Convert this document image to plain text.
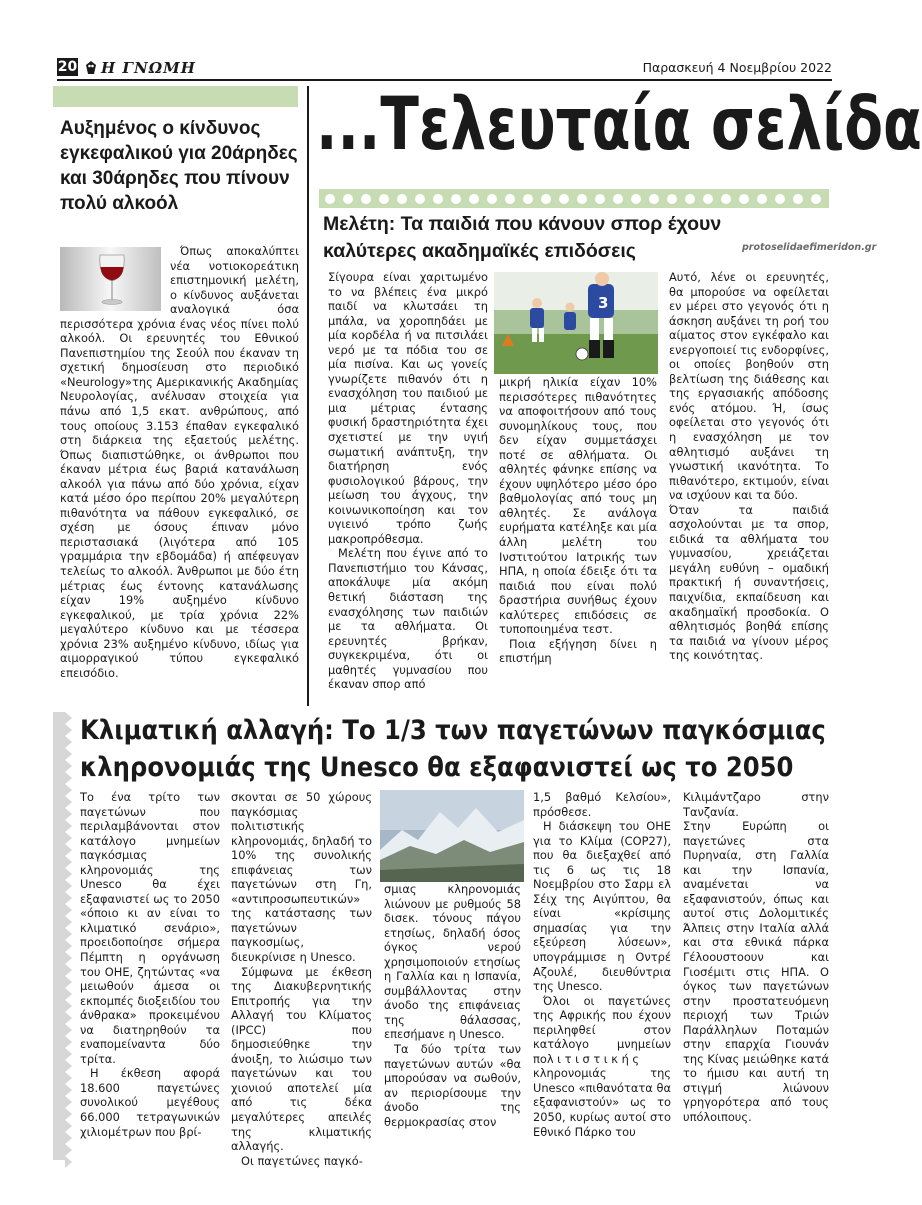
20	Η ΓΝΩΜΗ	Παρασκευή 4 Νοεμβρίου 2022
Αυξημένος ο κίνδυνος εγκεφαλικού για 20άρηδες και 30άρηδες που πίνουν πολύ αλκοόλ

Όπως αποκαλύπτει νέα νοτιοκορεάτικη επιστημονική μελέτη, ο κίνδυνος αυξάνεται αναλογικά όσα περισσότερα χρόνια ένας νέος πίνει πολύ αλκοόλ. Οι ερευνητές του Εθνικού Πανεπιστημίου της Σεούλ που έκαναν τη σχετική δημοσίευση στο περιοδικό «Neurology»της Αμερικανικής Ακαδημίας Νευρολογίας, ανέλυσαν στοιχεία για πάνω από 1,5 εκατ. ανθρώπους, από τους οποίους 3.153 έπαθαν εγκεφαλικό στη διάρκεια της εξαετούς μελέτης. Όπως διαπιστώθηκε, οι άνθρωποι που έκαναν μέτρια έως βαριά κατανάλωση αλκοόλ για πάνω από δύο χρόνια, είχαν κατά μέσο όρο περίπου 20% μεγαλύτερη πιθανότητα να πάθουν εγκεφαλικό, σε σχέση με όσους έπιναν μόνο περιστασιακά (λιγότερα από 105 γραμμάρια την εβδομάδα) ή απέφευγαν τελείως το αλκοόλ. Άνθρωποι με δύο έτη μέτριας έως έντονης κατανάλωσης είχαν 19% αυξημένο κίνδυνο εγκεφαλικού, με τρία χρόνια 22% μεγαλύτερο κίνδυνο και με τέσσερα χρόνια 23% αυξημένο κίνδυνο, ιδίως για αιμορραγικού τύπου εγκεφαλικό επεισόδιο.

...Τελευταία σελίδα
Μελέτη: Τα παιδιά που κάνουν σπορ έχουν καλύτερες ακαδημαϊκές επιδόσεις	protoselidaefimeridon.gr

Σίγουρα είναι χαριτωμένο το να βλέπεις ένα μικρό παιδί να κλωτσάει τη μπάλα, να χοροπηδάει με μία κορδέλα ή να πιτσιλάει νερό με τα πόδια του σε μία πισίνα. Και ως γονείς γνωρίζετε πιθανόν ότι η ενασχόληση του παιδιού με μια μέτριας έντασης φυσική δραστηριότητα έχει σχετιστεί με την υγιή σωματική ανάπτυξη, την διατήρηση ενός φυσιολογικού βάρους, την μείωση του άγχους, την κοινωνικοποίηση και τον υγιεινό τρόπο ζωής μακροπρόθεσμα.

Μελέτη που έγινε από το Πανεπιστήμιο του Κάνσας, αποκάλυψε μία ακόμη θετική διάσταση της ενασχόλησης των παιδιών με τα αθλήματα. Οι ερευνητές βρήκαν, συγκεκριμένα, ότι οι μαθητές γυμνασίου που έκαναν σπορ από

3

μικρή ηλικία είχαν 10% περισσότερες πιθανότητες να αποφοιτήσουν από τους συνομηλίκους τους, που δεν είχαν συμμετάσχει ποτέ σε αθλήματα. Οι αθλητές φάνηκε επίσης να έχουν υψηλότερο μέσο όρο βαθμολογίας από τους μη αθλητές. Σε ανάλογα ευρήματα κατέληξε και μία άλλη μελέτη του Ινστιτούτου Ιατρικής των ΗΠΑ, η οποία έδειξε ότι τα παιδιά που είναι πολύ δραστήρια συνήθως έχουν καλύτερες επιδόσεις σε τυποποιημένα τεστ.

Ποια εξήγηση δίνει η επιστήμη

Αυτό, λένε οι ερευνητές, θα μπορούσε να οφείλεται εν μέρει στο γεγονός ότι η άσκηση αυξάνει τη ροή του αίματος στον εγκέφαλο και ενεργοποιεί τις ενδορφίνες, οι οποίες βοηθούν στη βελτίωση της διάθεσης και της εργασιακής απόδοσης ενός ατόμου. Ή, ίσως οφείλεται στο γεγονός ότι η ενασχόληση με τον αθλητισμό αυξάνει τη γνωστική ικανότητα. Το πιθανότερο, εκτιμούν, είναι να ισχύουν και τα δύο.

Όταν τα παιδιά ασχολούνται με τα σπορ, ειδικά τα αθλήματα του γυμνασίου, χρειάζεται μεγάλη ευθύνη – ομαδική πρακτική ή συναντήσεις, παιχνίδια, εκπαίδευση και ακαδημαϊκή προσδοκία. Ο αθλητισμός βοηθά επίσης τα παιδιά να γίνουν μέρος της κοινότητας.

Κλιματική αλλαγή: Το 1/3 των παγετώνων παγκόσμιας κληρονομιάς της Unesco θα εξαφανιστεί ως το 2050

Το ένα τρίτο των παγετώνων που περιλαμβάνονται στον κατάλογο μνημείων παγκόσμιας κληρονομιάς της Unesco θα έχει εξαφανιστεί ως το 2050 «όποιο κι αν είναι το κλιματικό σενάριο», προειδοποίησε σήμερα Πέμπτη η οργάνωση του ΟΗΕ, ζητώντας «να μειωθούν άμεσα οι εκπομπές διοξειδίου του άνθρακα» προκειμένου να διατηρηθούν τα εναπομείναντα δύο τρίτα.

Η έκθεση αφορά 18.600 παγετώνες συνολικού μεγέθους 66.000 τετραγωνικών χιλιομέτρων που βρί-

σκονται σε 50 χώρους παγκόσμιας πολιτιστικής κληρονομιάς, δηλαδή το 10% της συνολικής επιφάνειας των παγετώνων στη Γη, «αντιπροσωπευτικών» της κατάστασης των παγετώνων παγκοσμίως, διευκρίνισε η Unesco.

Σύμφωνα με έκθεση της Διακυβερνητικής Επιτροπής για την Αλλαγή του Κλίματος (IPCC) που δημοσιεύθηκε την άνοιξη, το λιώσιμο των παγετώνων και του χιονιού αποτελεί μία από τις δέκα μεγαλύτερες απειλές της κλιματικής αλλαγής.

Οι παγετώνες παγκό-

σμιας κληρονομιάς λιώνουν με ρυθμούς 58 δισεκ. τόνους πάγου ετησίως, δηλαδή όσος όγκος νερού χρησιμοποιούν ετησίως η Γαλλία και η Ισπανία, συμβάλλοντας στην άνοδο της επιφάνειας της θάλασσας, επεσήμανε η Unesco.

Τα δύο τρίτα των παγετώνων αυτών «θα μπορούσαν να σωθούν, αν περιορίσουμε την άνοδο της θερμοκρασίας στον

1,5 βαθμό Κελσίου», πρόσθεσε.

Η διάσκεψη του ΟΗΕ για το Κλίμα (COP27), που θα διεξαχθεί από τις 6 ως τις 18 Νοεμβρίου στο Σαρμ ελ Σέιχ της Αιγύπτου, θα είναι «κρίσιμης σημασίας για την εξεύρεση λύσεων», υπογράμμισε η Οντρέ Αζουλέ, διευθύντρια της Unesco.

Όλοι οι παγετώνες της Αφρικής που έχουν περιληφθεί στον κατάλογο μνημείων πολιτιστικής κληρονομιάς της Unesco «πιθανότατα θα εξαφανιστούν» ως το 2050, κυρίως αυτοί στο Εθνικό Πάρκο του

Κιλιμάντζαρο στην Τανζανία.

Στην Ευρώπη οι παγετώνες στα Πυρηναία, στη Γαλλία και την Ισπανία, αναμένεται να εξαφανιστούν, όπως και αυτοί στις Δολομιτικές Άλπεις στην Ιταλία αλλά και στα εθνικά πάρκα Γέλοουστοουν και Γιοσέμιτι στις ΗΠΑ. Ο όγκος των παγετώνων στην προστατευόμενη περιοχή των Τριών Παράλληλων Ποταμών στην επαρχία Γιουνάν της Κίνας μειώθηκε κατά το ήμισυ και αυτή τη στιγμή λιώνουν γρηγορότερα από τους υπόλοιπους.
